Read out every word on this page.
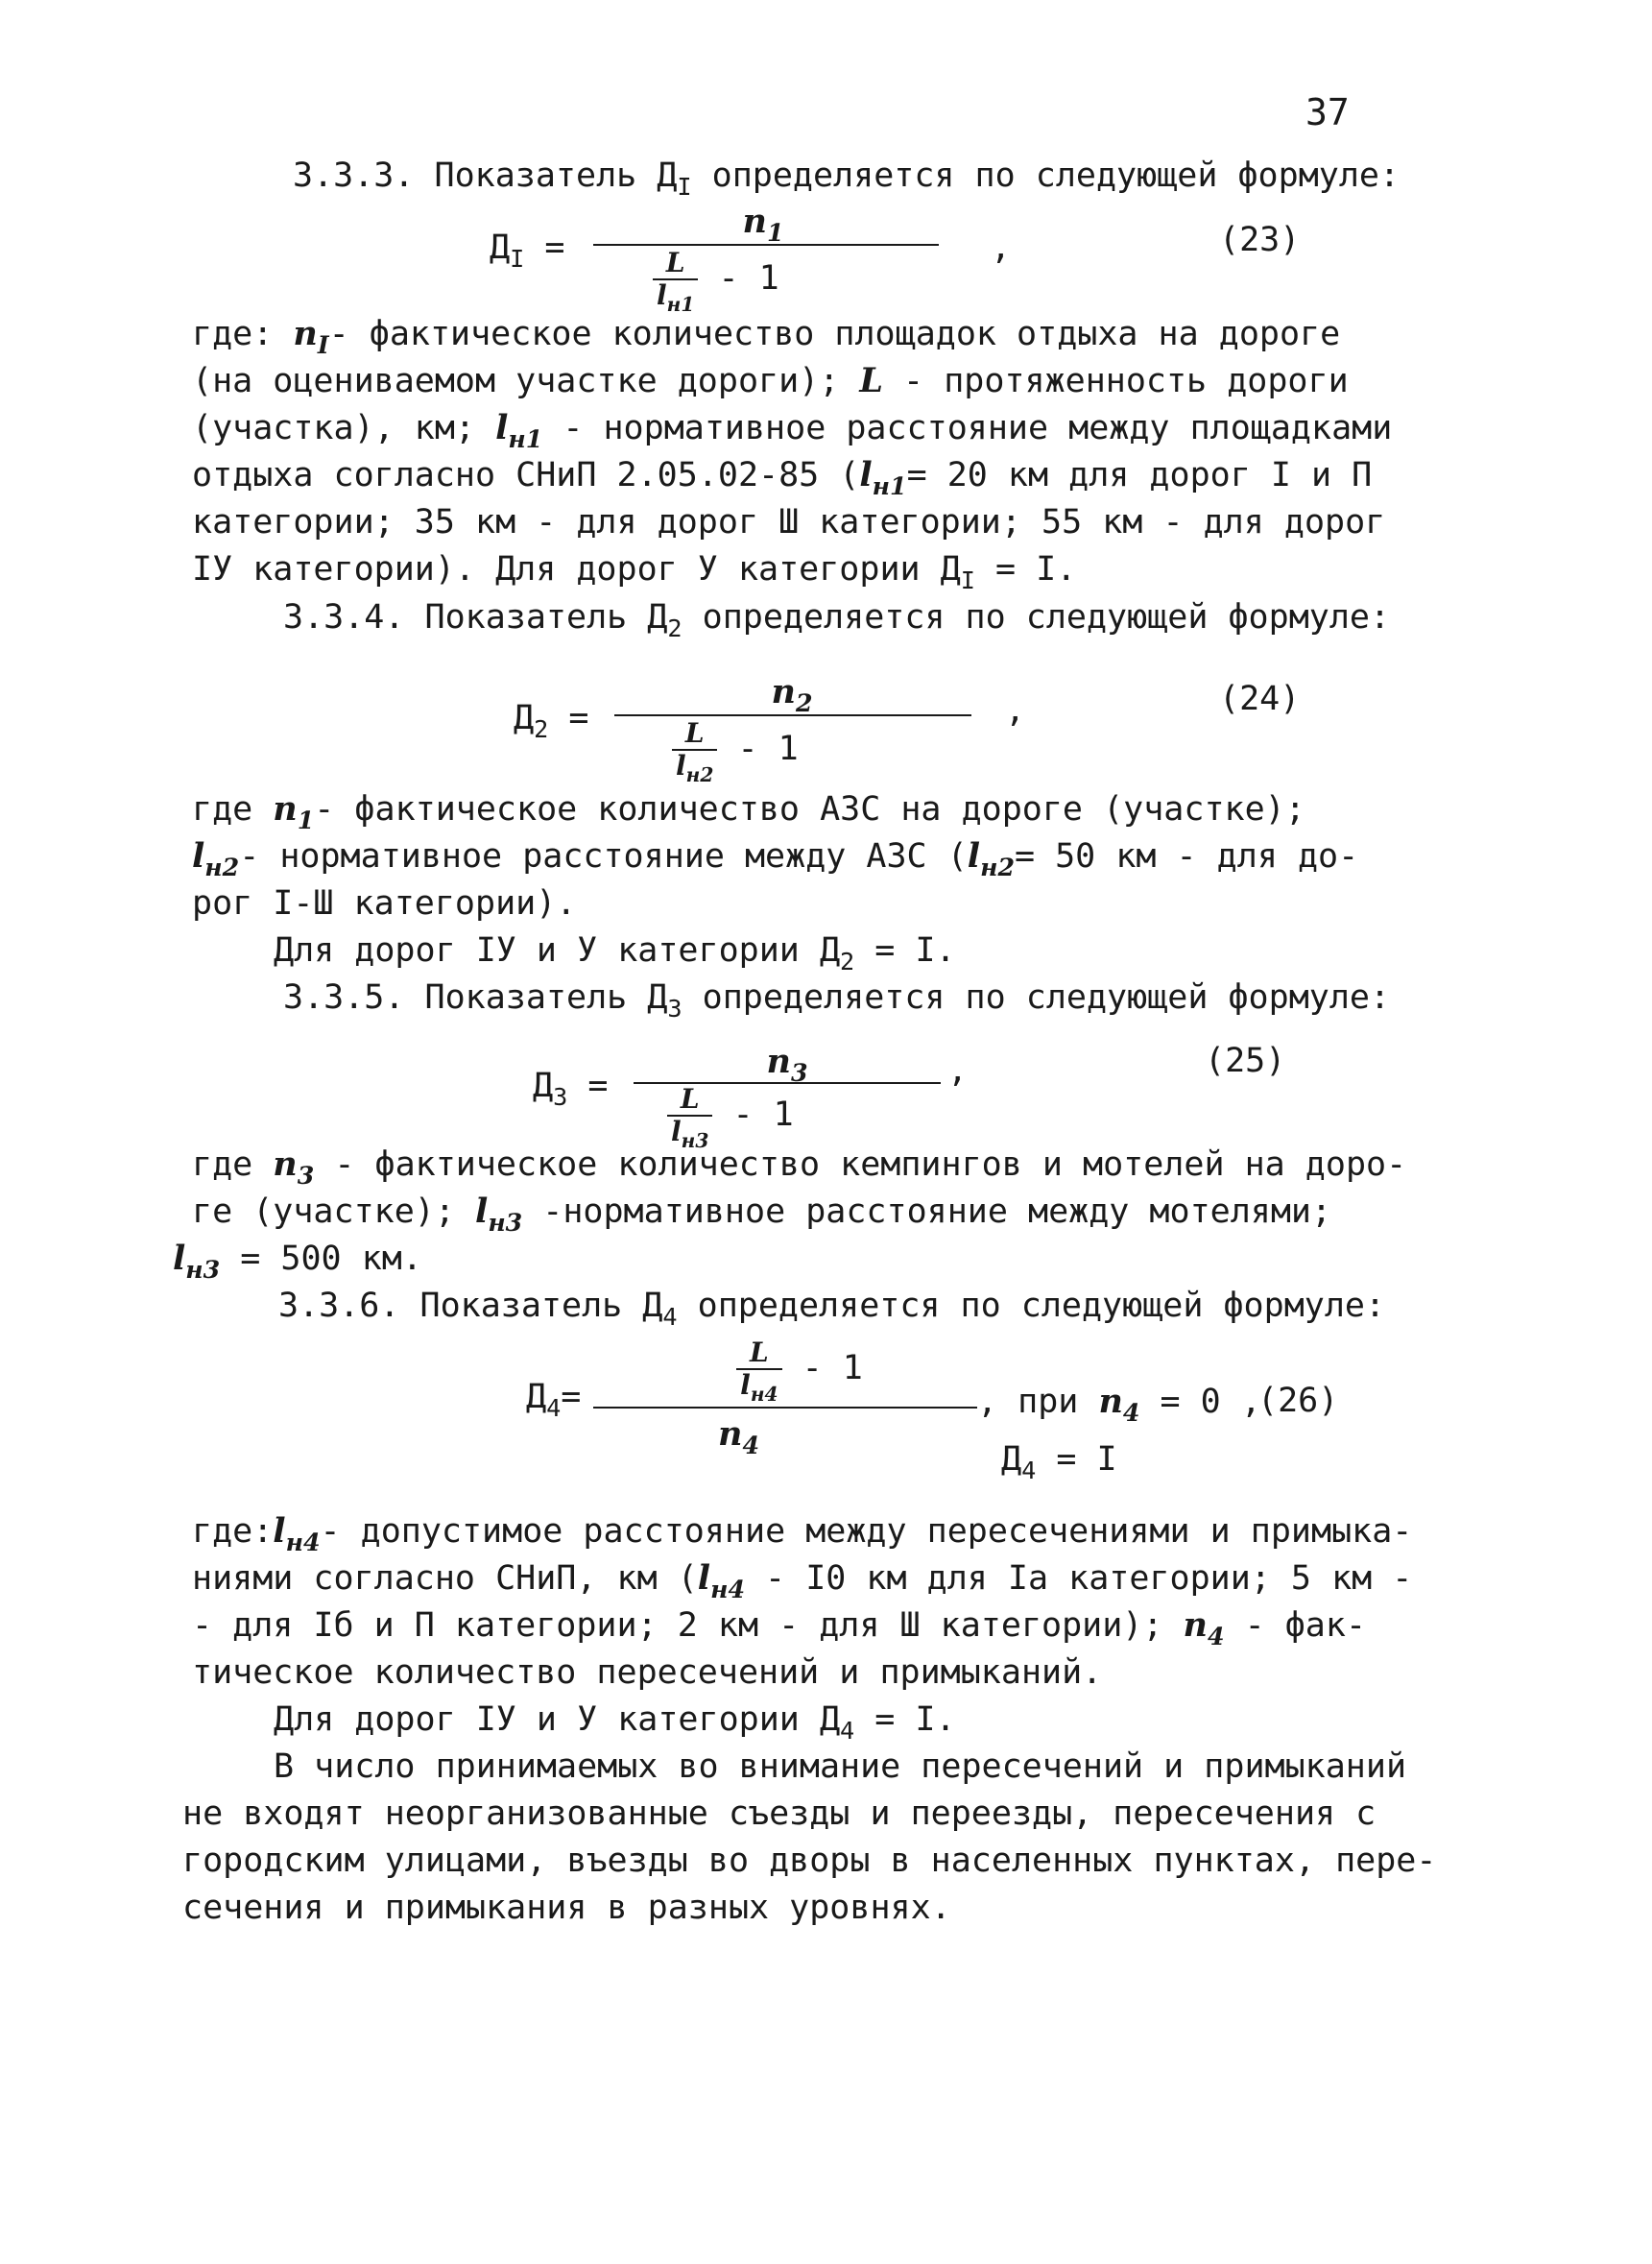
37
3.3.3. Показатель $Д_I$ определяется по следующей формуле:
$Д_I$ =
$n_1$
L
$l_{н1}$
- 1
,	(23)
где: $n_I-$ фактическое количество площадок отдыха на дороге
(на оцениваемом участке дороги); L - протяженность дороги
(участка), км; $l_{н1}$ - нормативное расстояние между площадками
отдыха согласно СНиП 2.05.02-85 ($l_{н1}= 20$ км для дорог I и П
категории; 35 км - для дорог Ш категории; 55 км - для дорог
IУ категории). Для дорог У категории $Д_I = I$.
3.3.4. Показатель $Д_2$ определяется по следующей формуле:
$Д_2$ =
$n_2$
L
$l_{н2}$
- 1
,	(24)
где $n_1-$ фактическое количество АЗС на дороге (участке);
$l_{н2}-$ нормативное расстояние между АЗС ($l_{н2}= 50$ км - для до-
рог I-Ш категории).
Для дорог IУ и У категории $Д_2 = I$.
3.3.5. Показатель $Д_3$ определяется по следующей формуле:
$Д_3$ =
$n_3$
L
$l_{н3}$
- 1
,	(25)
где $n_3$ - фактическое количество кемпингов и мотелей на доро-
ге (участке); $l_{н3}$ -нормативное расстояние между мотелями;
$l_{н3} = 500$ км.
3.3.6. Показатель $Д_4$ определяется по следующей формуле:
$Д_4=$
L
$l_{н4}$
- 1
$n_4$
, при $n_4 = 0$ ,
(26)
$Д_4 = I$
$где:l_{н4}-$ допустимое расстояние между пересечениями и примыка-
ниями согласно СНиП, км ($l_{н4} - I0$ км для Iа категории; 5 км -
- для Iб и П категории; 2 км - для Ш категории); $n_4 - фак-$
тическое количество пересечений и примыканий.
Для дорог IУ и У категории $Д_4 = I$.
В число принимаемых во внимание пересечений и примыканий
не входят неорганизованные съезды и переезды, пересечения с
городским улицами, въезды во дворы в населенных пунктах, пере-
сечения и примыкания в разных уровнях.
